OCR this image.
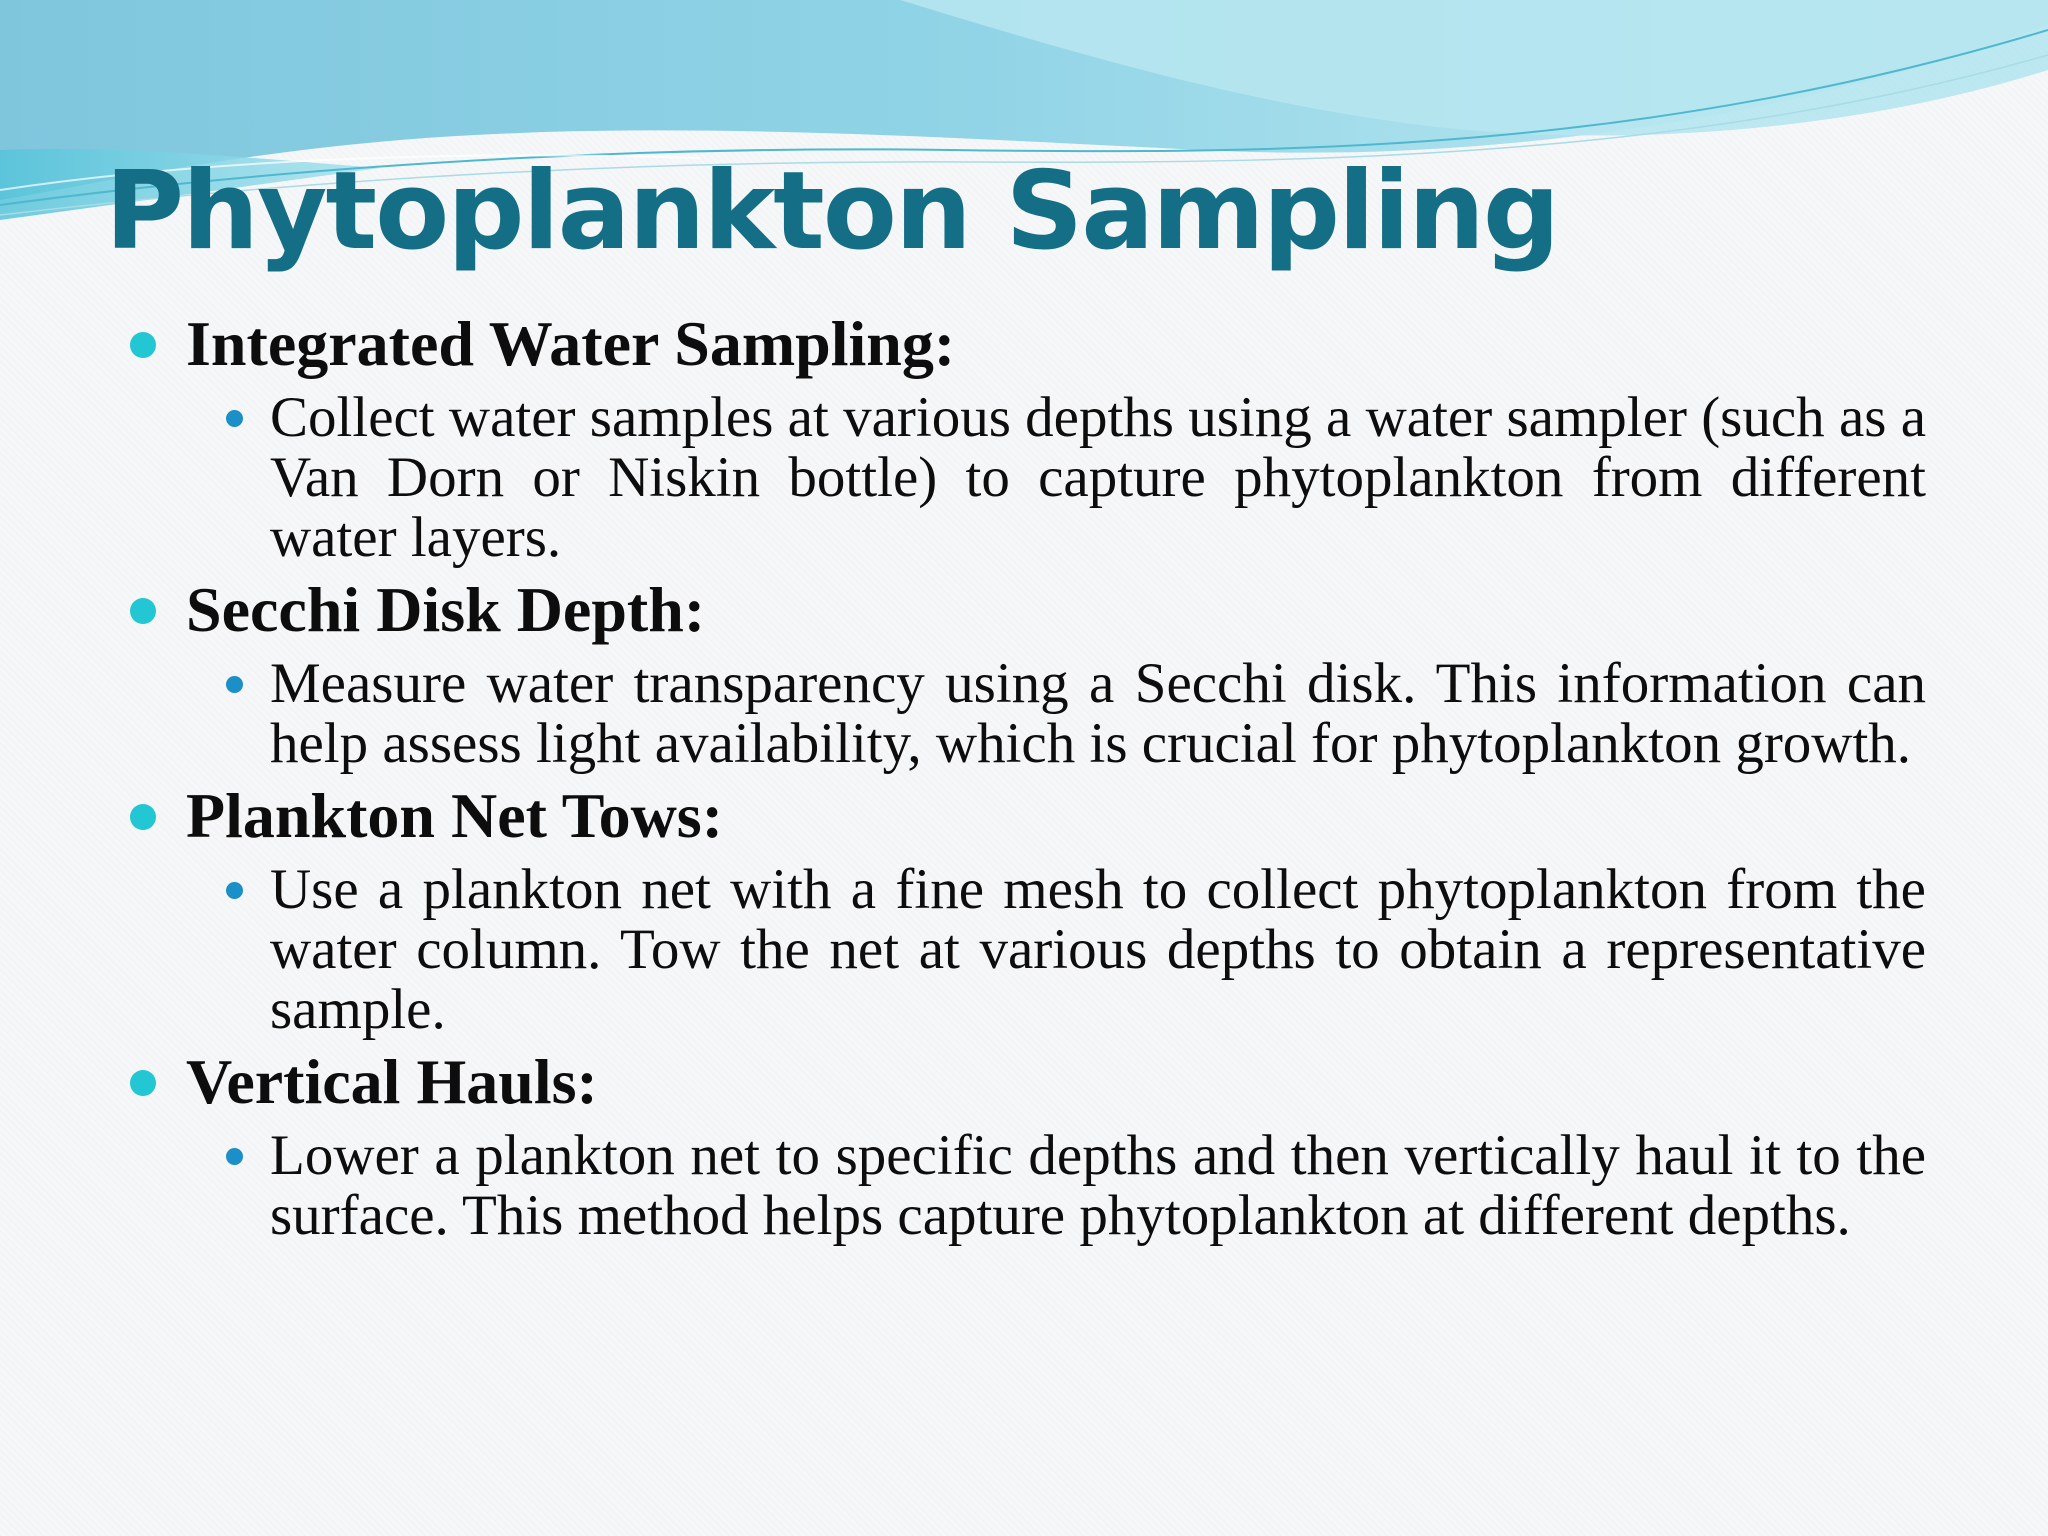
Phytoplankton Sampling
Integrated Water Sampling:
Collect water samples at various depths using a water sampler (such as a Van Dorn or Niskin bottle) to capture phytoplankton from different water layers.
Secchi Disk Depth:
Measure water transparency using a Secchi disk. This information can help assess light availability, which is crucial for phytoplankton growth.
Plankton Net Tows:
Use a plankton net with a fine mesh to collect phytoplankton from the water column. Tow the net at various depths to obtain a representative sample.
Vertical Hauls:
Lower a plankton net to specific depths and then vertically haul it to the surface. This method helps capture phytoplankton at different depths.
